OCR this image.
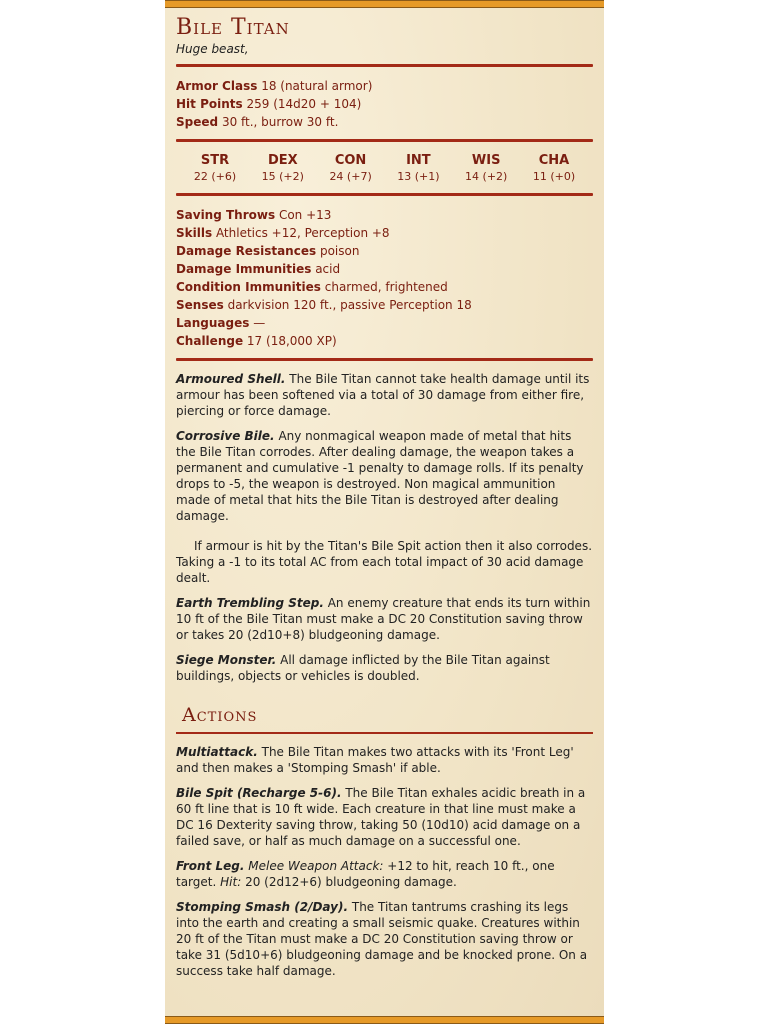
Bile Titan
Huge beast,
Armor Class 18 (natural armor)
Hit Points 259 (14d20 + 104)
Speed 30 ft., burrow 30 ft.
STR
22 (+6)
DEX
15 (+2)
CON
24 (+7)
INT
13 (+1)
WIS
14 (+2)
CHA
11 (+0)
Saving Throws Con +13
Skills Athletics +12, Perception +8
Damage Resistances poison
Damage Immunities acid
Condition Immunities charmed, frightened
Senses darkvision 120 ft., passive Perception 18
Languages —
Challenge 17 (18,000 XP)

Armoured Shell. The Bile Titan cannot take health damage until its armour has been softened via a total of 30 damage from either fire, piercing or force damage.

Corrosive Bile. Any nonmagical weapon made of metal that hits the Bile Titan corrodes. After dealing damage, the weapon takes a permanent and cumulative -1 penalty to damage rolls. If its penalty drops to -5, the weapon is destroyed. Non magical ammunition made of metal that hits the Bile Titan is destroyed after dealing damage.

If armour is hit by the Titan's Bile Spit action then it also corrodes. Taking a -1 to its total AC from each total impact of 30 acid damage dealt.

Earth Trembling Step. An enemy creature that ends its turn within 10 ft of the Bile Titan must make a DC 20 Constitution saving throw or takes 20 (2d10+8) bludgeoning damage.

Siege Monster. All damage inflicted by the Bile Titan against buildings, objects or vehicles is doubled.

Actions

Multiattack. The Bile Titan makes two attacks with its 'Front Leg' and then makes a 'Stomping Smash' if able.

Bile Spit (Recharge 5-6). The Bile Titan exhales acidic breath in a 60 ft line that is 10 ft wide. Each creature in that line must make a DC 16 Dexterity saving throw, taking 50 (10d10) acid damage on a failed save, or half as much damage on a successful one.

Front Leg. Melee Weapon Attack: +12 to hit, reach 10 ft., one target. Hit: 20 (2d12+6) bludgeoning damage.

Stomping Smash (2/Day). The Titan tantrums crashing its legs into the earth and creating a small seismic quake. Creatures within 20 ft of the Titan must make a DC 20 Constitution saving throw or take 31 (5d10+6) bludgeoning damage and be knocked prone. On a success take half damage.
